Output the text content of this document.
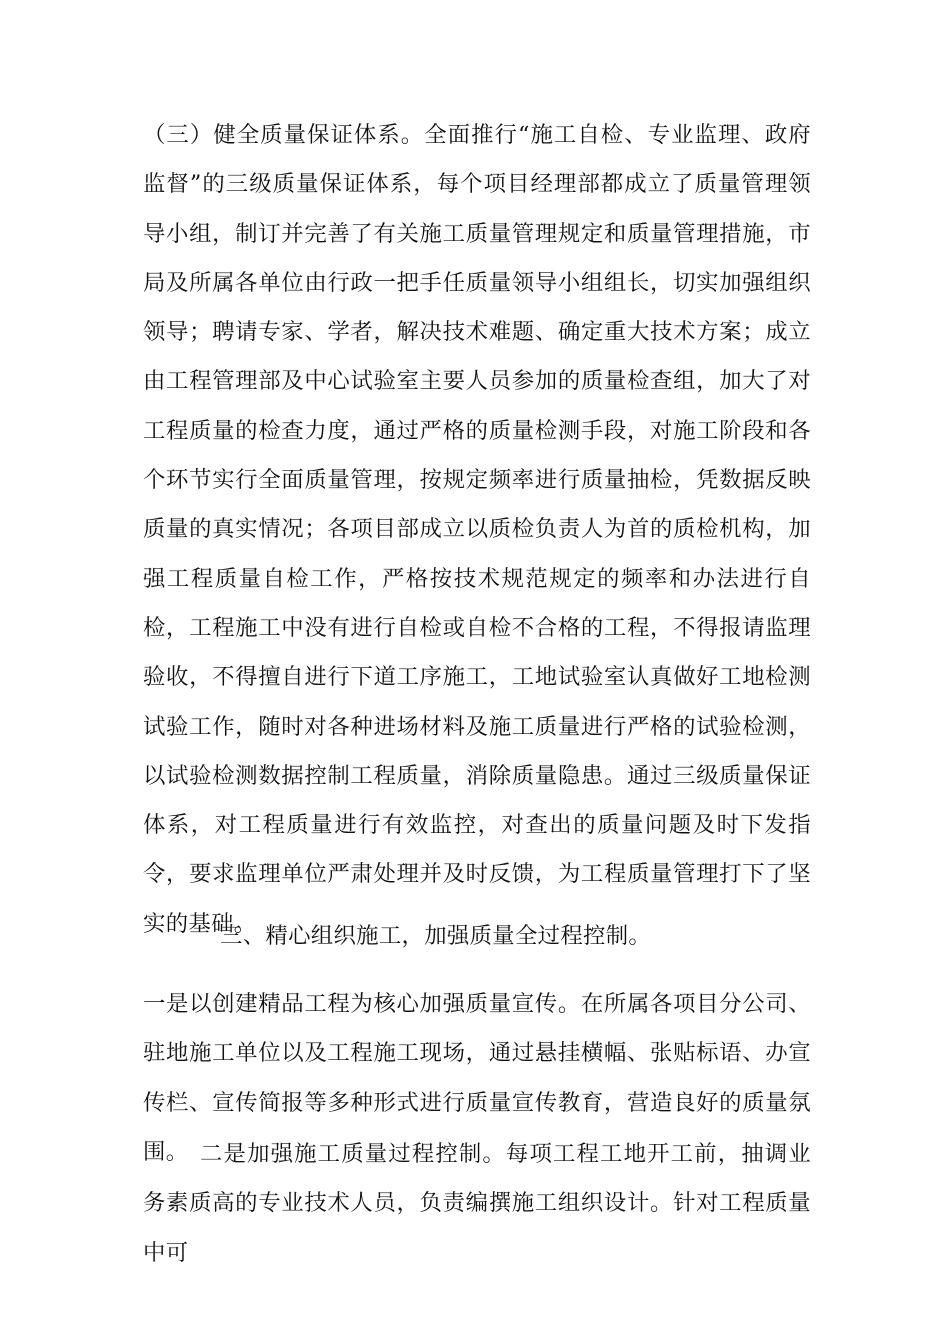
（三）健全质量保证体系。全面推行“施工自检、专业监理、政府监督”的三级质量保证体系，每个项目经理部都成立了质量管理领导小组，制订并完善了有关施工质量管理规定和质量管理措施，市局及所属各单位由行政一把手任质量领导小组组长，切实加强组织领导；聘请专家、学者，解决技术难题、确定重大技术方案；成立由工程管理部及中心试验室主要人员参加的质量检查组，加大了对工程质量的检查力度，通过严格的质量检测手段，对施工阶段和各个环节实行全面质量管理，按规定频率进行质量抽检，凭数据反映质量的真实情况；各项目部成立以质检负责人为首的质检机构，加强工程质量自检工作，严格按技术规范规定的频率和办法进行自检，工程施工中没有进行自检或自检不合格的工程，不得报请监理验收，不得擅自进行下道工序施工，工地试验室认真做好工地检测试验工作，随时对各种进场材料及施工质量进行严格的试验检测，以试验检测数据控制工程质量，消除质量隐患。通过三级质量保证体系，对工程质量进行有效监控，对查出的质量问题及时下发指令，要求监理单位严肃处理并及时反馈，为工程质量管理打下了坚实的基础。

三、精心组织施工，加强质量全过程控制。

一是以创建精品工程为核心加强质量宣传。在所属各项目分公司、驻地施工单位以及工程施工现场，通过悬挂横幅、张贴标语、办宣传栏、宣传简报等多种形式进行质量宣传教育，营造良好的质量氛围。 二是加强施工质量过程控制。每项工程工地开工前，抽调业务素质高的专业技术人员，负责编撰施工组织设计。针对工程质量中可
